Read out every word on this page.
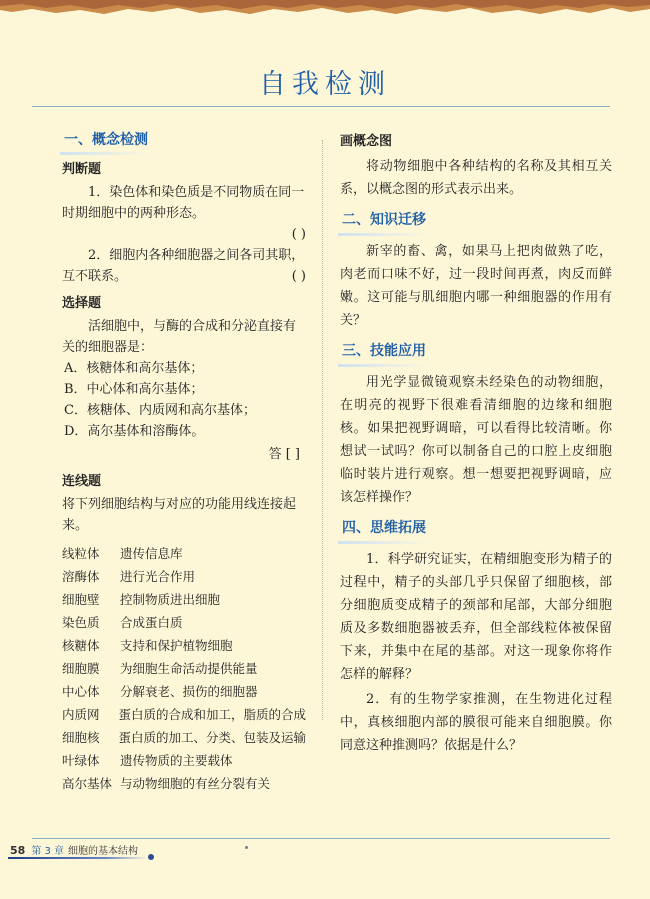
自我检测
一、概念检测
判断题

1．染色体和染色质是不同物质在同一时期细胞中的两种形态。

( )

2．细胞内各种细胞器之间各司其职，互不联系。	( )

选择题

活细胞中，与酶的合成和分泌直接有关的细胞器是：

A．核糖体和高尔基体；

B．中心体和高尔基体；

C．核糖体、内质网和高尔基体；

D．高尔基体和溶酶体。

答 [ ]
连线题

将下列细胞结构与对应的功能用线连接起来。

线粒体	遗传信息库
溶酶体	进行光合作用
细胞壁	控制物质进出细胞
染色质	合成蛋白质
核糖体	支持和保护植物细胞
细胞膜	为细胞生命活动提供能量
中心体	分解衰老、损伤的细胞器
内质网	蛋白质的合成和加工，脂质的合成
细胞核	蛋白质的加工、分类、包装及运输
叶绿体	遗传物质的主要载体
高尔基体 与动物细胞的有丝分裂有关
画概念图

将动物细胞中各种结构的名称及其相互关系，以概念图的形式表示出来。

二、知识迁移

新宰的畜、禽，如果马上把肉做熟了吃，肉老而口味不好，过一段时间再煮，肉反而鲜嫩。这可能与肌细胞内哪一种细胞器的作用有关？

三、技能应用

用光学显微镜观察未经染色的动物细胞，在明亮的视野下很难看清细胞的边缘和细胞核。如果把视野调暗，可以看得比较清晰。你想试一试吗？你可以制备自己的口腔上皮细胞临时装片进行观察。想一想要把视野调暗，应该怎样操作？

四、思维拓展

1．科学研究证实，在精细胞变形为精子的过程中，精子的头部几乎只保留了细胞核，部分细胞质变成精子的颈部和尾部，大部分细胞质及多数细胞器被丢弃，但全部线粒体被保留下来，并集中在尾的基部。对这一现象你将作怎样的解释？

2．有的生物学家推测，在生物进化过程中，真核细胞内部的膜很可能来自细胞膜。你同意这种推测吗？依据是什么？

58 第 3 章 细胞的基本结构
